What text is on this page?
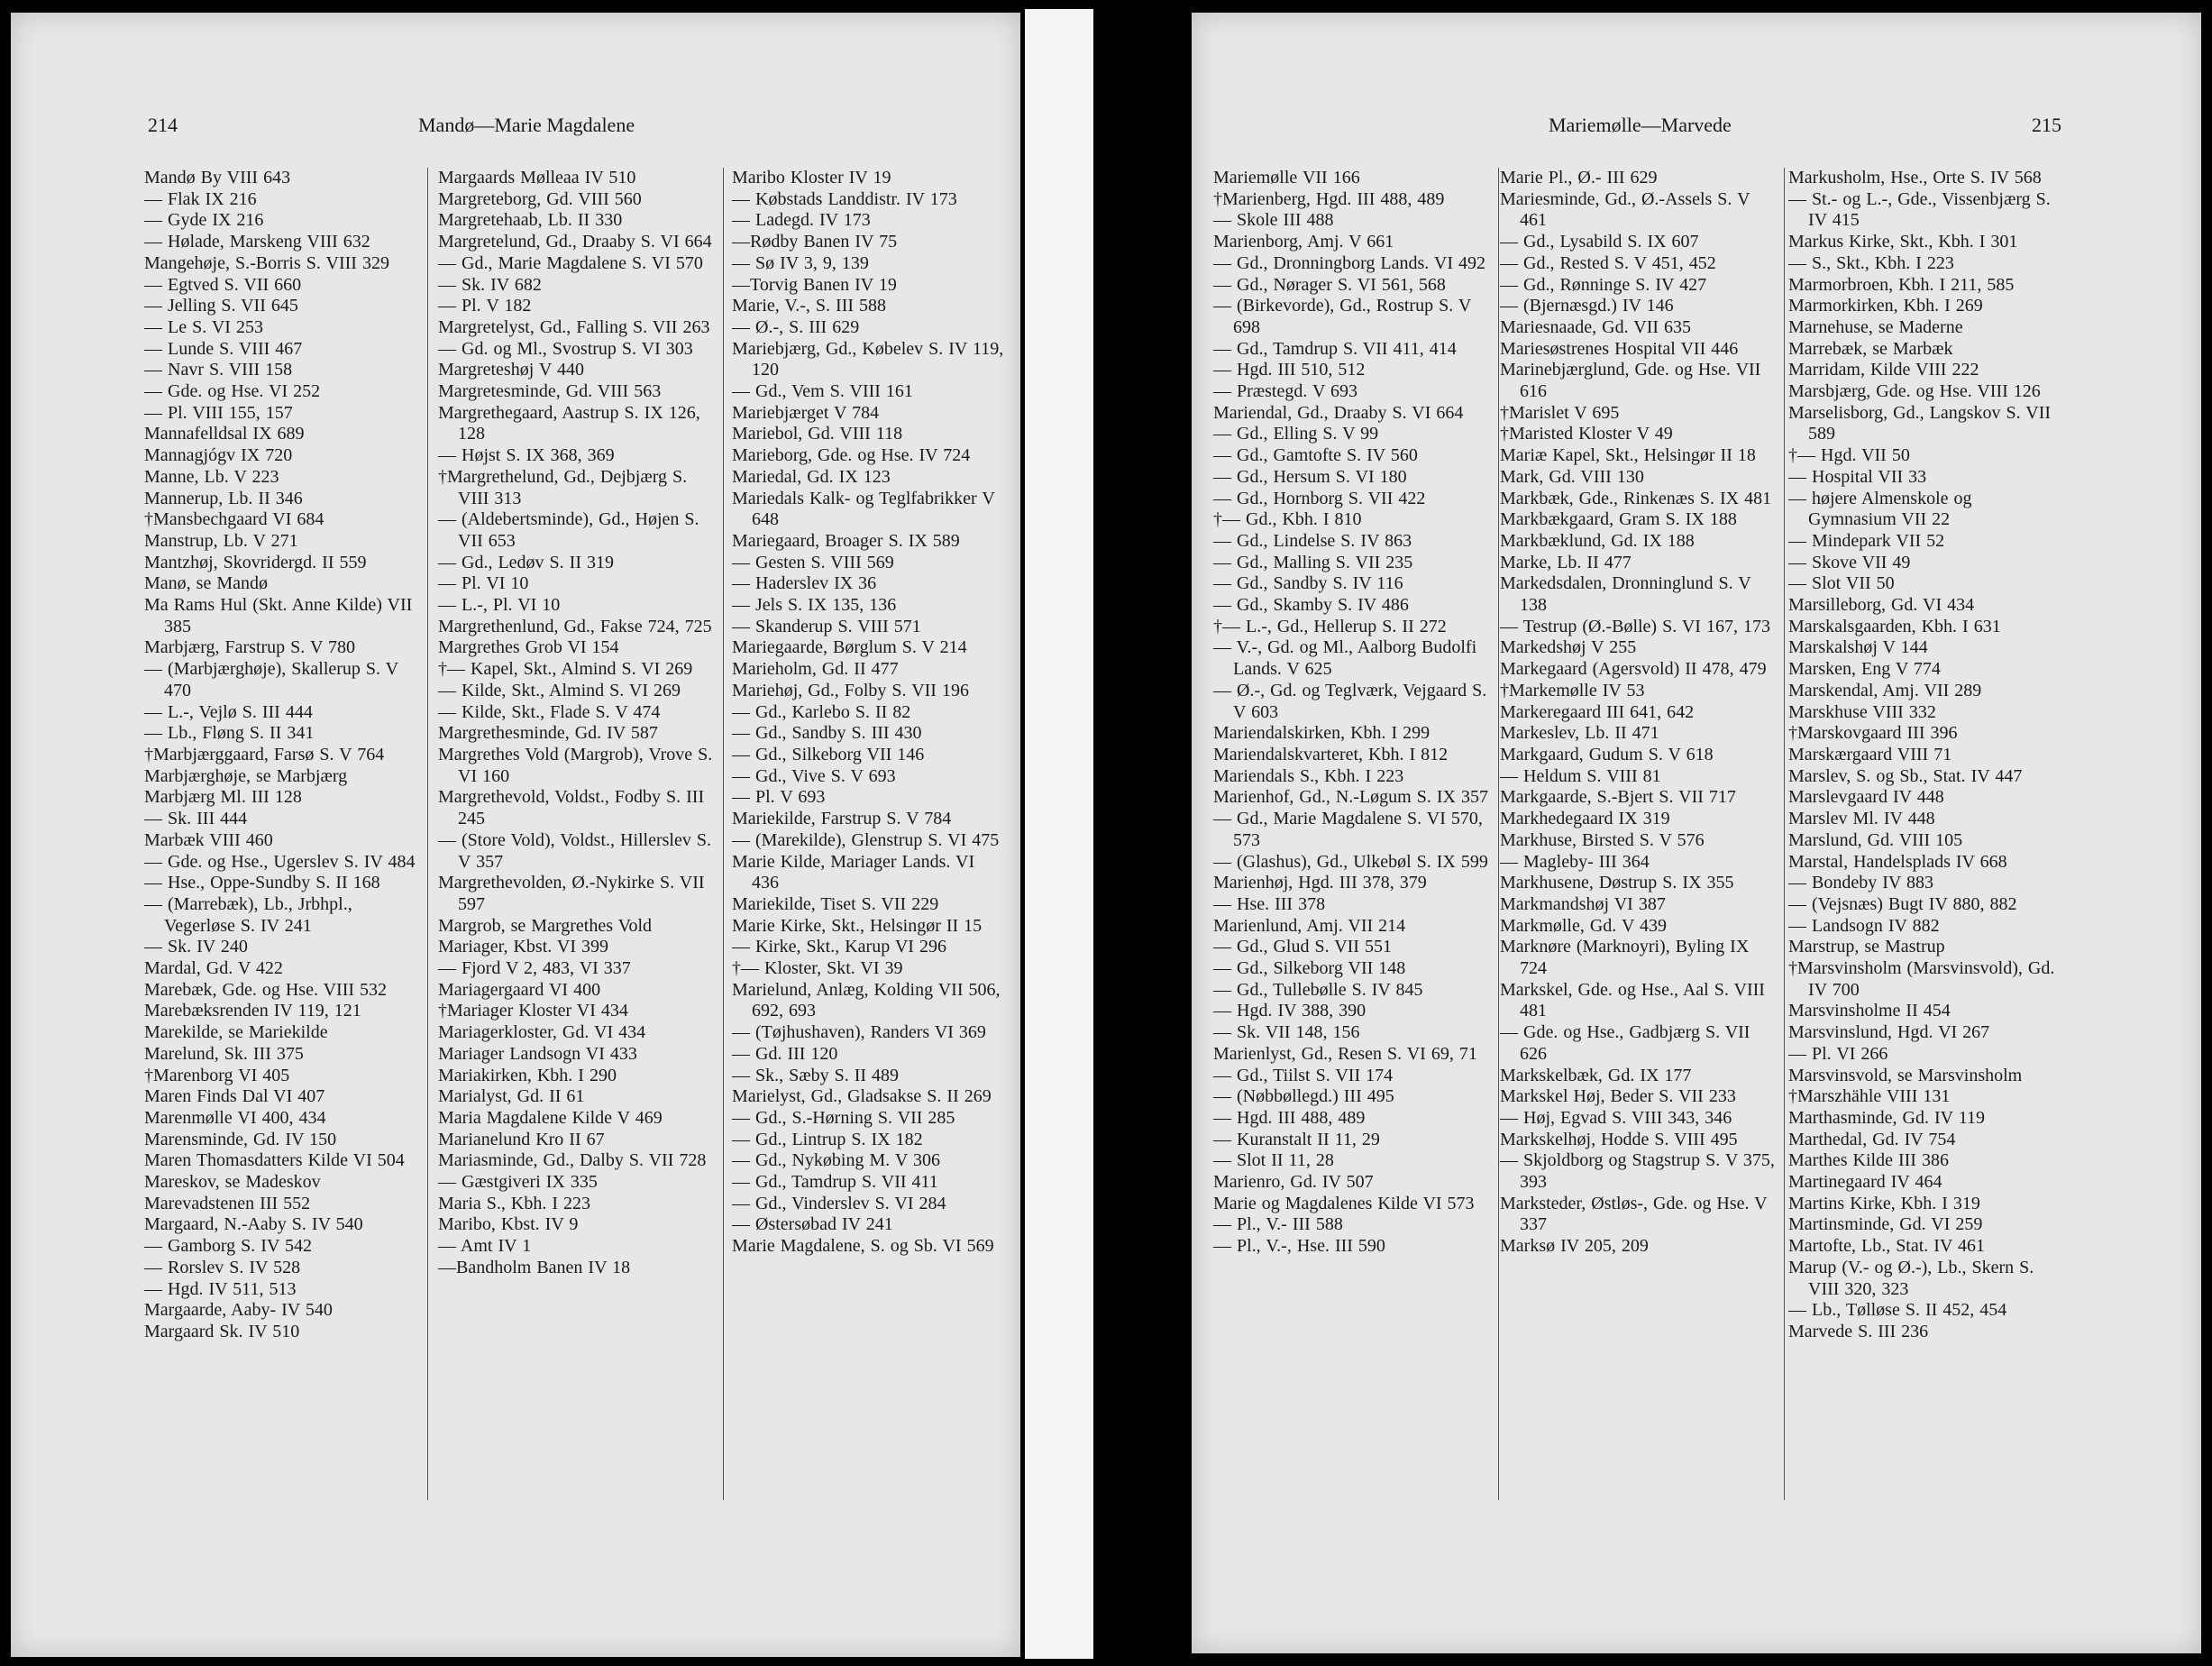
214	Mandø—Marie Magdalene

Mandø By VIII 643

— Flak IX 216

— Gyde IX 216

— Hølade, Marskeng VIII 632

Mangehøje, S.-Borris S. VIII 329

— Egtved S. VII 660

— Jelling S. VII 645

— Le S. VI 253

— Lunde S. VIII 467

— Navr S. VIII 158

— Gde. og Hse. VI 252

— Pl. VIII 155, 157

Mannafelldsal IX 689

Mannagjógv IX 720

Manne, Lb. V 223

Mannerup, Lb. II 346

†Mansbechgaard VI 684

Manstrup, Lb. V 271

Mantzhøj, Skovridergd. II 559

Manø, se Mandø

Ma Rams Hul (Skt. Anne Kilde) VII 385

Marbjærg, Farstrup S. V 780

— (Marbjærghøje), Skallerup S. V 470

— L.-, Vejlø S. III 444

— Lb., Fløng S. II 341

†Marbjærggaard, Farsø S. V 764

Marbjærghøje, se Marbjærg

Marbjærg Ml. III 128

— Sk. III 444

Marbæk VIII 460

— Gde. og Hse., Ugerslev S. IV 484

— Hse., Oppe-Sundby S. II 168

— (Marrebæk), Lb., Jrbhpl., Vegerløse S. IV 241

— Sk. IV 240

Mardal, Gd. V 422

Marebæk, Gde. og Hse. VIII 532

Marebæksrenden IV 119, 121

Marekilde, se Mariekilde

Marelund, Sk. III 375

†Marenborg VI 405

Maren Finds Dal VI 407

Marenmølle VI 400, 434

Marensminde, Gd. IV 150

Maren Thomasdatters Kilde VI 504

Mareskov, se Madeskov

Marevadstenen III 552

Margaard, N.-Aaby S. IV 540

— Gamborg S. IV 542

— Rorslev S. IV 528

— Hgd. IV 511, 513

Margaarde, Aaby- IV 540

Margaard Sk. IV 510

Margaards Mølleaa IV 510

Margreteborg, Gd. VIII 560

Margretehaab, Lb. II 330

Margretelund, Gd., Draaby S. VI 664

— Gd., Marie Magdalene S. VI 570

— Sk. IV 682

— Pl. V 182

Margretelyst, Gd., Falling S. VII 263

— Gd. og Ml., Svostrup S. VI 303

Margreteshøj V 440

Margretesminde, Gd. VIII 563

Margrethegaard, Aastrup S. IX 126, 128

— Højst S. IX 368, 369

†Margrethelund, Gd., Dejbjærg S. VIII 313

— (Aldebertsminde), Gd., Højen S. VII 653

— Gd., Ledøv S. II 319

— Pl. VI 10

— L.-, Pl. VI 10

Margrethenlund, Gd., Fakse 724, 725

Margrethes Grob VI 154

†— Kapel, Skt., Almind S. VI 269

— Kilde, Skt., Almind S. VI 269

— Kilde, Skt., Flade S. V 474

Margrethesminde, Gd. IV 587

Margrethes Vold (Margrob), Vrove S. VI 160

Margrethevold, Voldst., Fodby S. III 245

— (Store Vold), Voldst., Hillerslev S. V 357

Margrethevolden, Ø.-Nykirke S. VII 597

Margrob, se Margrethes Vold

Mariager, Kbst. VI 399

— Fjord V 2, 483, VI 337

Mariagergaard VI 400

†Mariager Kloster VI 434

Mariagerkloster, Gd. VI 434

Mariager Landsogn VI 433

Mariakirken, Kbh. I 290

Marialyst, Gd. II 61

Maria Magdalene Kilde V 469

Marianelund Kro II 67

Mariasminde, Gd., Dalby S. VII 728

— Gæstgiveri IX 335

Maria S., Kbh. I 223

Maribo, Kbst. IV 9

— Amt IV 1

—Bandholm Banen IV 18

Maribo Kloster IV 19

— Købstads Landdistr. IV 173

— Ladegd. IV 173

—Rødby Banen IV 75

— Sø IV 3, 9, 139

—Torvig Banen IV 19

Marie, V.-, S. III 588

— Ø.-, S. III 629

Mariebjærg, Gd., Købelev S. IV 119, 120

— Gd., Vem S. VIII 161

Mariebjærget V 784

Mariebol, Gd. VIII 118

Marieborg, Gde. og Hse. IV 724

Mariedal, Gd. IX 123

Mariedals Kalk- og Teglfabrikker V 648

Mariegaard, Broager S. IX 589

— Gesten S. VIII 569

— Haderslev IX 36

— Jels S. IX 135, 136

— Skanderup S. VIII 571

Mariegaarde, Børglum S. V 214

Marieholm, Gd. II 477

Mariehøj, Gd., Folby S. VII 196

— Gd., Karlebo S. II 82

— Gd., Sandby S. III 430

— Gd., Silkeborg VII 146

— Gd., Vive S. V 693

— Pl. V 693

Mariekilde, Farstrup S. V 784

— (Marekilde), Glenstrup S. VI 475

Marie Kilde, Mariager Lands. VI 436

Mariekilde, Tiset S. VII 229

Marie Kirke, Skt., Helsingør II 15

— Kirke, Skt., Karup VI 296

†— Kloster, Skt. VI 39

Marielund, Anlæg, Kolding VII 506, 692, 693

— (Tøjhushaven), Randers VI 369

— Gd. III 120

— Sk., Sæby S. II 489

Marielyst, Gd., Gladsakse S. II 269

— Gd., S.-Hørning S. VII 285

— Gd., Lintrup S. IX 182

— Gd., Nykøbing M. V 306

— Gd., Tamdrup S. VII 411

— Gd., Vinderslev S. VI 284

— Østersøbad IV 241

Marie Magdalene, S. og Sb. VI 569

Mariemølle—Marvede	215

Mariemølle VII 166

†Marienberg, Hgd. III 488, 489

— Skole III 488

Marienborg, Amj. V 661

— Gd., Dronningborg Lands. VI 492

— Gd., Nørager S. VI 561, 568

— (Birkevorde), Gd., Rostrup S. V 698

— Gd., Tamdrup S. VII 411, 414

— Hgd. III 510, 512

— Præstegd. V 693

Mariendal, Gd., Draaby S. VI 664

— Gd., Elling S. V 99

— Gd., Gamtofte S. IV 560

— Gd., Hersum S. VI 180

— Gd., Hornborg S. VII 422

†— Gd., Kbh. I 810

— Gd., Lindelse S. IV 863

— Gd., Malling S. VII 235

— Gd., Sandby S. IV 116

— Gd., Skamby S. IV 486

†— L.-, Gd., Hellerup S. II 272

— V.-, Gd. og Ml., Aalborg Budolfi Lands. V 625

— Ø.-, Gd. og Teglværk, Vejgaard S. V 603

Mariendalskirken, Kbh. I 299

Mariendalskvarteret, Kbh. I 812

Mariendals S., Kbh. I 223

Marienhof, Gd., N.-Løgum S. IX 357

— Gd., Marie Magdalene S. VI 570, 573

— (Glashus), Gd., Ulkebøl S. IX 599

Marienhøj, Hgd. III 378, 379

— Hse. III 378

Marienlund, Amj. VII 214

— Gd., Glud S. VII 551

— Gd., Silkeborg VII 148

— Gd., Tullebølle S. IV 845

— Hgd. IV 388, 390

— Sk. VII 148, 156

Marienlyst, Gd., Resen S. VI 69, 71

— Gd., Tiilst S. VII 174

— (Nøbbøllegd.) III 495

— Hgd. III 488, 489

— Kuranstalt II 11, 29

— Slot II 11, 28

Marienro, Gd. IV 507

Marie og Magdalenes Kilde VI 573

— Pl., V.- III 588

— Pl., V.-, Hse. III 590

Marie Pl., Ø.- III 629

Mariesminde, Gd., Ø.-Assels S. V 461

— Gd., Lysabild S. IX 607

— Gd., Rested S. V 451, 452

— Gd., Rønninge S. IV 427

— (Bjernæsgd.) IV 146

Mariesnaade, Gd. VII 635

Mariesøstrenes Hospital VII 446

Marinebjærglund, Gde. og Hse. VII 616

†Marislet V 695

†Maristed Kloster V 49

Mariæ Kapel, Skt., Helsingør II 18

Mark, Gd. VIII 130

Markbæk, Gde., Rinkenæs S. IX 481

Markbækgaard, Gram S. IX 188

Markbæklund, Gd. IX 188

Marke, Lb. II 477

Markedsdalen, Dronninglund S. V 138

— Testrup (Ø.-Bølle) S. VI 167, 173

Markedshøj V 255

Markegaard (Agersvold) II 478, 479

†Markemølle IV 53

Markeregaard III 641, 642

Markeslev, Lb. II 471

Markgaard, Gudum S. V 618

— Heldum S. VIII 81

Markgaarde, S.-Bjert S. VII 717

Markhedegaard IX 319

Markhuse, Birsted S. V 576

— Magleby- III 364

Markhusene, Døstrup S. IX 355

Markmandshøj VI 387

Markmølle, Gd. V 439

Marknøre (Marknoyri), Byling IX 724

Markskel, Gde. og Hse., Aal S. VIII 481

— Gde. og Hse., Gadbjærg S. VII 626

Markskelbæk, Gd. IX 177

Markskel Høj, Beder S. VII 233

— Høj, Egvad S. VIII 343, 346

Markskelhøj, Hodde S. VIII 495

— Skjoldborg og Stagstrup S. V 375, 393

Marksteder, Østløs-, Gde. og Hse. V 337

Marksø IV 205, 209

Markusholm, Hse., Orte S. IV 568

— St.- og L.-, Gde., Vissenbjærg S. IV 415

Markus Kirke, Skt., Kbh. I 301

— S., Skt., Kbh. I 223

Marmorbroen, Kbh. I 211, 585

Marmorkirken, Kbh. I 269

Marnehuse, se Maderne

Marrebæk, se Marbæk

Marridam, Kilde VIII 222

Marsbjærg, Gde. og Hse. VIII 126

Marselisborg, Gd., Langskov S. VII 589

†— Hgd. VII 50

— Hospital VII 33

— højere Almenskole og Gymnasium VII 22

— Mindepark VII 52

— Skove VII 49

— Slot VII 50

Marsilleborg, Gd. VI 434

Marskalsgaarden, Kbh. I 631

Marskalshøj V 144

Marsken, Eng V 774

Marskendal, Amj. VII 289

Marskhuse VIII 332

†Marskovgaard III 396

Marskærgaard VIII 71

Marslev, S. og Sb., Stat. IV 447

Marslevgaard IV 448

Marslev Ml. IV 448

Marslund, Gd. VIII 105

Marstal, Handelsplads IV 668

— Bondeby IV 883

— (Vejsnæs) Bugt IV 880, 882

— Landsogn IV 882

Marstrup, se Mastrup

†Marsvinsholm (Marsvinsvold), Gd. IV 700

Marsvinsholme II 454

Marsvinslund, Hgd. VI 267

— Pl. VI 266

Marsvinsvold, se Marsvinsholm

†Marszhähle VIII 131

Marthasminde, Gd. IV 119

Marthedal, Gd. IV 754

Marthes Kilde III 386

Martinegaard IV 464

Martins Kirke, Kbh. I 319

Martinsminde, Gd. VI 259

Martofte, Lb., Stat. IV 461

Marup (V.- og Ø.-), Lb., Skern S. VIII 320, 323

— Lb., Tølløse S. II 452, 454

Marvede S. III 236
